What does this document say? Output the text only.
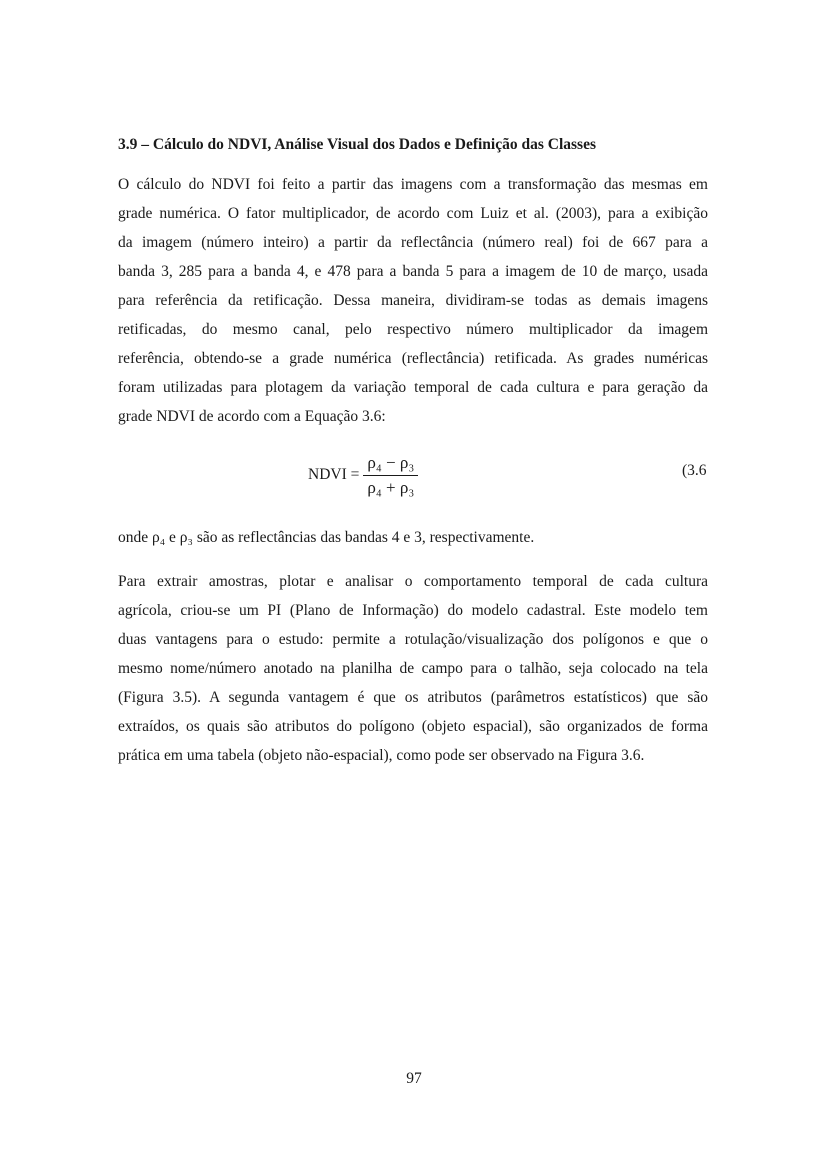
3.9 – Cálculo do NDVI, Análise Visual dos Dados e Definição das Classes
O cálculo do NDVI foi feito a partir das imagens com a transformação das mesmas em
grade numérica. O fator multiplicador, de acordo com Luiz et al. (2003), para a exibição
da imagem (número inteiro) a partir da reflectância (número real) foi de 667 para a
banda 3, 285 para a banda 4, e 478 para a banda 5 para a imagem de 10 de março, usada
para referência da retificação. Dessa maneira, dividiram-se todas as demais imagens
retificadas, do mesmo canal, pelo respectivo número multiplicador da imagem
referência, obtendo-se a grade numérica (reflectância) retificada. As grades numéricas
foram utilizadas para plotagem da variação temporal de cada cultura e para geração da
grade NDVI de acordo com a Equação 3.6:
NDVI = $\frac{\text{ρ₄ − ρ₃}}{\text{ρ₄ + ρ₃}}$	(3.6
onde ρ₄ e ρ₃ são as reflectâncias das bandas 4 e 3, respectivamente.
Para extrair amostras, plotar e analisar o comportamento temporal de cada cultura
agrícola, criou-se um PI (Plano de Informação) do modelo cadastral. Este modelo tem
duas vantagens para o estudo: permite a rotulação/visualização dos polígonos e que o
mesmo nome/número anotado na planilha de campo para o talhão, seja colocado na tela
(Figura 3.5). A segunda vantagem é que os atributos (parâmetros estatísticos) que são
extraídos, os quais são atributos do polígono (objeto espacial), são organizados de forma
prática em uma tabela (objeto não-espacial), como pode ser observado na Figura 3.6.
97
